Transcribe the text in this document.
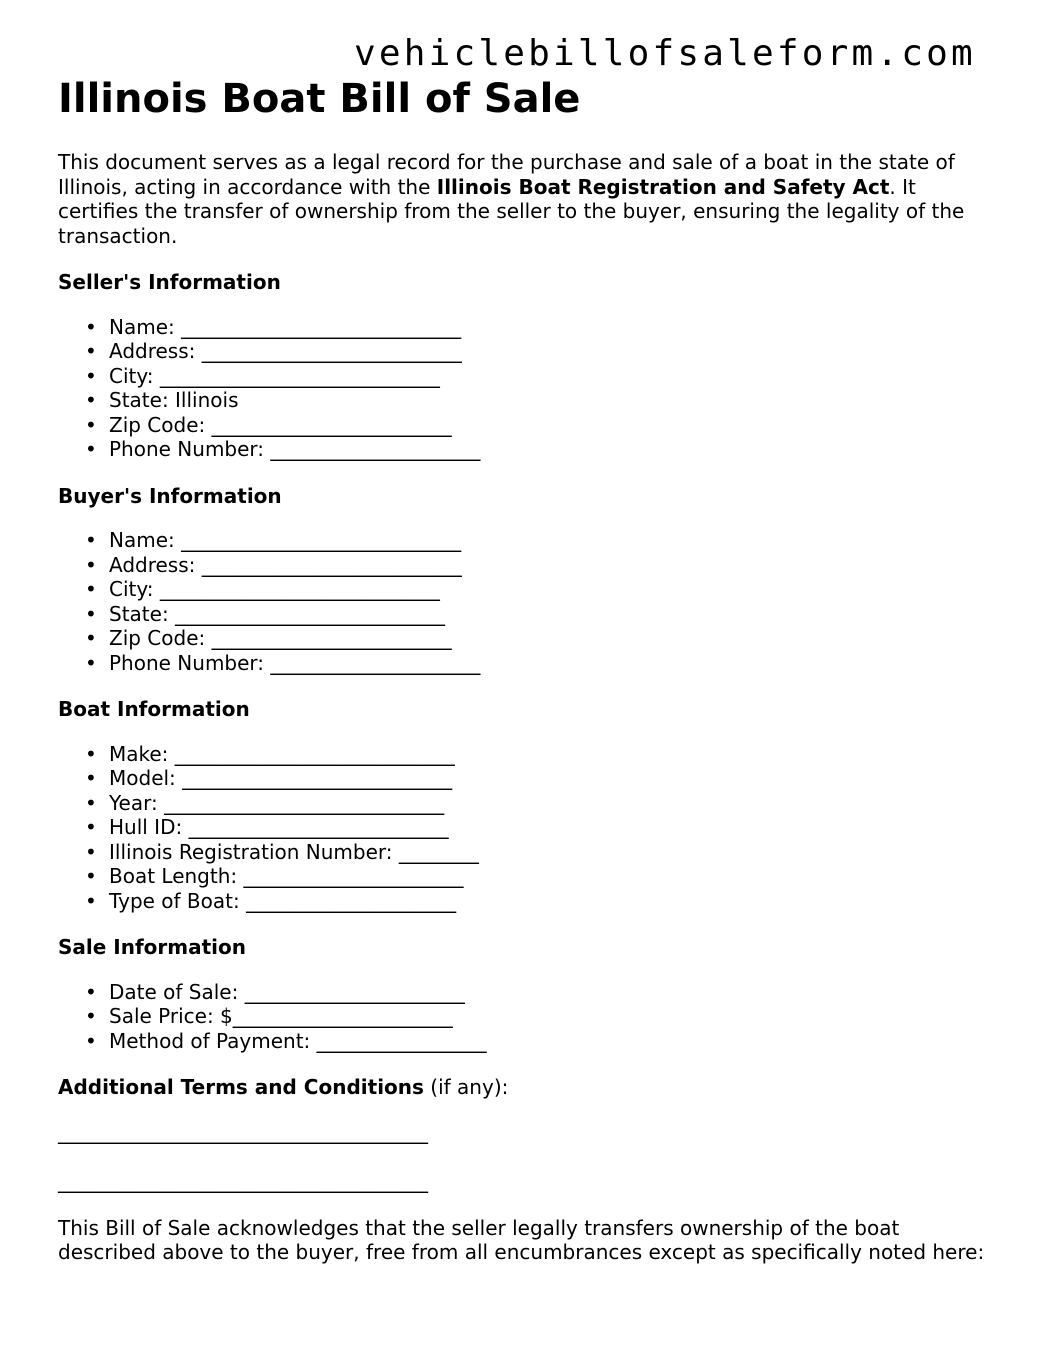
vehiclebillofsaleform.com
Illinois Boat Bill of Sale

This document serves as a legal record for the purchase and sale of a boat in the state of Illinois, acting in accordance with the Illinois Boat Registration and Safety Act. It certifies the transfer of ownership from the seller to the buyer, ensuring the legality of the transaction.

Seller's Information
• Name: ____________________________
• Address: __________________________
• City: ____________________________
• State: Illinois
• Zip Code: ________________________
• Phone Number: _____________________
Buyer's Information
• Name: ____________________________
• Address: __________________________
• City: ____________________________
• State: ___________________________
• Zip Code: ________________________
• Phone Number: _____________________
Boat Information
• Make: ____________________________
• Model: ___________________________
• Year: ____________________________
• Hull ID: __________________________
• Illinois Registration Number: ________
• Boat Length: ______________________
• Type of Boat: _____________________
Sale Information
• Date of Sale: ______________________
• Sale Price: $______________________
• Method of Payment: _________________
Additional Terms and Conditions (if any):
_____________________________________
_____________________________________

This Bill of Sale acknowledges that the seller legally transfers ownership of the boat described above to the buyer, free from all encumbrances except as specifically noted here:
